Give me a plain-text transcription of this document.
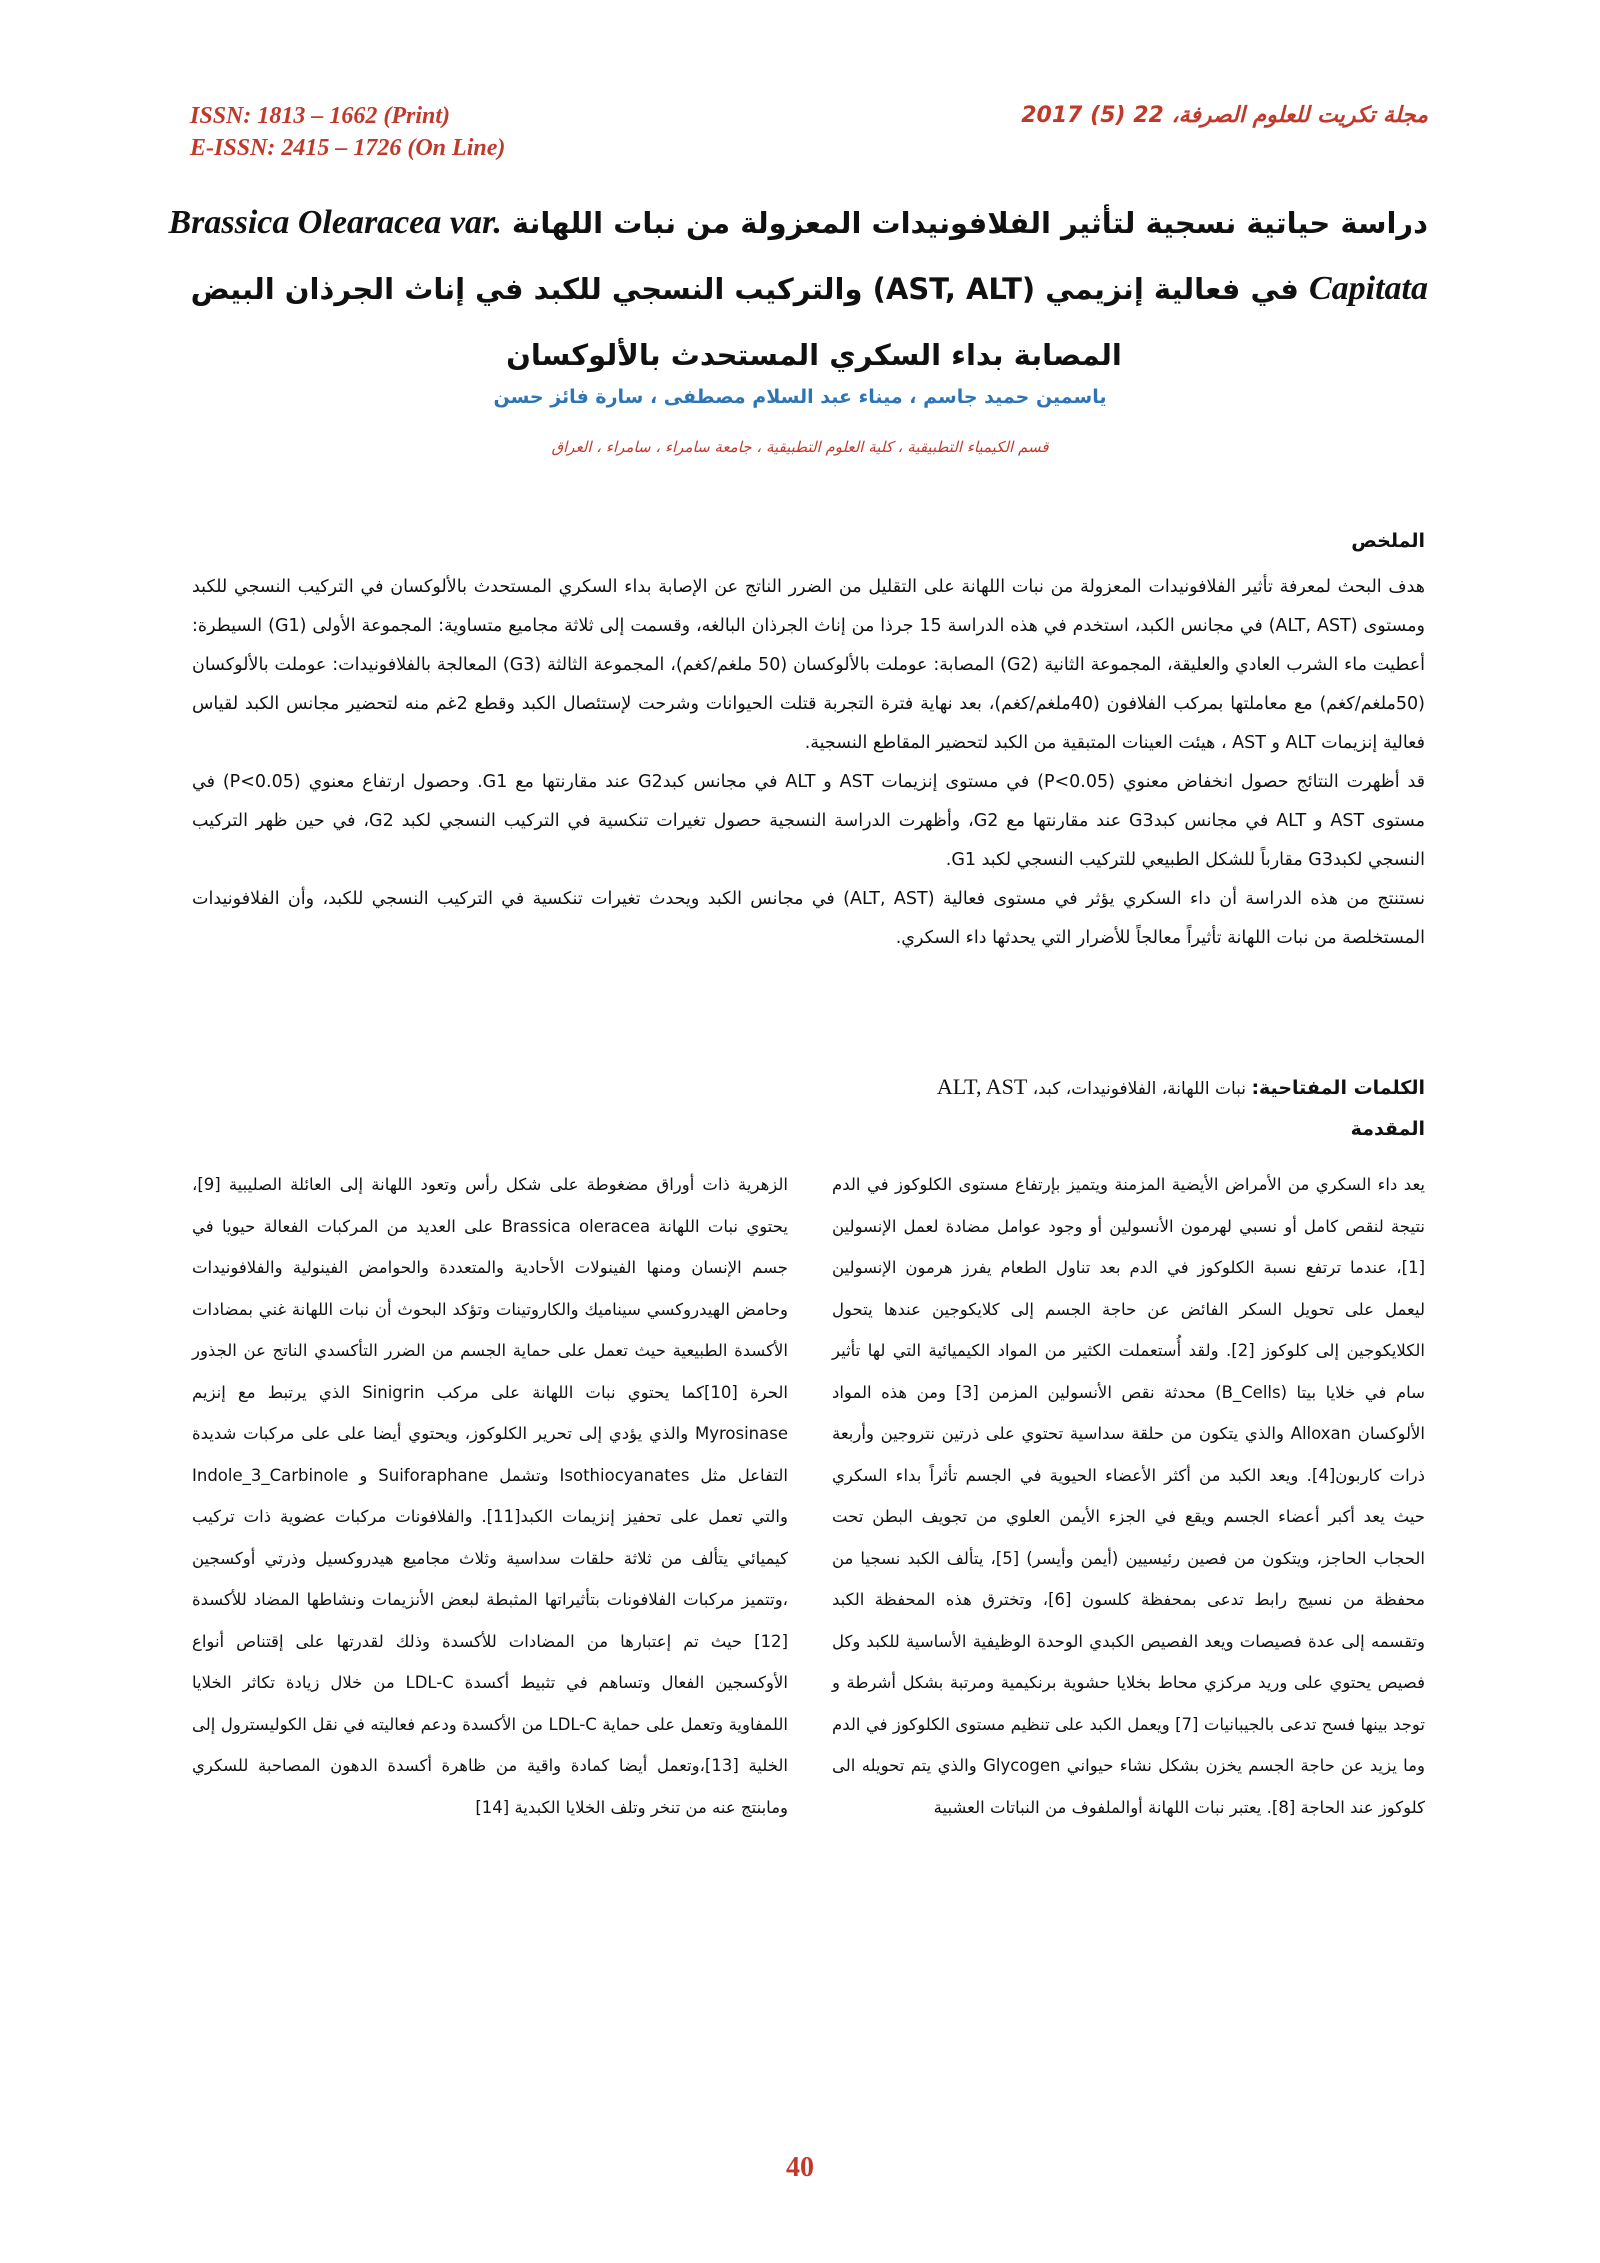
ISSN: 1813 – 1662 (Print)
E-ISSN: 2415 – 1726 (On Line)
مجلة تكريت للعلوم الصرفة، 22 (5) 2017
دراسة حياتية نسجية لتأثير الفلافونيدات المعزولة من نبات اللهانة Brassica Olearacea var.
Capitata في فعالية إنزيمي (AST, ALT) والتركيب النسجي للكبد في إناث الجرذان البيض
المصابة بداء السكري المستحدث بالألوكسان
ياسمين حميد جاسم ، ميناء عبد السلام مصطفى ، سارة فائز حسن
قسم الكيمياء التطبيقية ، كلية العلوم التطبيقية ، جامعة سامراء ، سامراء ، العراق
الملخص

هدف البحث لمعرفة تأثير الفلافونيدات المعزولة من نبات اللهانة على التقليل من الضرر الناتج عن الإصابة بداء السكري المستحدث بالألوكسان في التركيب النسجي للكبد ومستوى (ALT, AST) في مجانس الكبد، استخدم في هذه الدراسة 15 جرذا من إناث الجرذان البالغه، وقسمت إلى ثلاثة مجاميع متساوية: المجموعة الأولى (G1) السيطرة: أعطيت ماء الشرب العادي والعليقة، المجموعة الثانية (G2) المصابة: عوملت بالألوكسان (50 ملغم/كغم)، المجموعة الثالثة (G3) المعالجة بالفلافونيدات: عوملت بالألوكسان (50ملغم/كغم) مع معاملتها بمركب الفلافون (40ملغم/كغم)، بعد نهاية فترة التجربة قتلت الحيوانات وشرحت لإستئصال الكبد وقطع 2غم منه لتحضير مجانس الكبد لقياس فعالية إنزيمات ALT و AST ، هيئت العينات المتبقية من الكبد لتحضير المقاطع النسجية.

قد أظهرت النتائج حصول انخفاض معنوي (P<0.05) في مستوى إنزيمات AST و ALT في مجانس كبدG2 عند مقارنتها مع G1. وحصول ارتفاع معنوي (P<0.05) في مستوى AST و ALT في مجانس كبدG3 عند مقارنتها مع G2، وأظهرت الدراسة النسجية حصول تغيرات تنكسية في التركيب النسجي لكبد G2، في حين ظهر التركيب النسجي لكبدG3 مقارباً للشكل الطبيعي للتركيب النسجي لكبد G1.

نستنتج من هذه الدراسة أن داء السكري يؤثر في مستوى فعالية (ALT, AST) في مجانس الكبد ويحدث تغيرات تنكسية في التركيب النسجي للكبد، وأن الفلافونيدات المستخلصة من نبات اللهانة تأثيراً معالجاً للأضرار التي يحدثها داء السكري.

الكلمات المفتاحية: نبات اللهانة، الفلافونيدات، كبد، ALT, AST
المقدمة

يعد داء السكري من الأمراض الأيضية المزمنة ويتميز بإرتفاع مستوى الكلوكوز في الدم نتيجة لنقص كامل أو نسبي لهرمون الأنسولين أو وجود عوامل مضادة لعمل الإنسولين [1]، عندما ترتفع نسبة الكلوكوز في الدم بعد تناول الطعام يفرز هرمون الإنسولين ليعمل على تحويل السكر الفائض عن حاجة الجسم إلى كلايكوجين عندها يتحول الكلايكوجين إلى كلوكوز [2]. ولقد أُستعملت الكثير من المواد الكيميائية التي لها تأثير سام في خلايا بيتا (B_Cells) محدثة نقص الأنسولين المزمن [3] ومن هذه المواد الألوكسان Alloxan والذي يتكون من حلقة سداسية تحتوي على ذرتين نتروجين وأربعة ذرات كاربون[4]. ويعد الكبد من أكثر الأعضاء الحيوية في الجسم تأثراً بداء السكري حيث يعد أكبر أعضاء الجسم ويقع في الجزء الأيمن العلوي من تجويف البطن تحت الحجاب الحاجز، ويتكون من فصين رئيسيين (أيمن وأيسر) [5]، يتألف الكبد نسجيا من محفظة من نسيج رابط تدعى بمحفظة كلسون [6]، وتخترق هذه المحفظة الكبد وتقسمه إلى عدة فصيصات ويعد الفصيص الكبدي الوحدة الوظيفية الأساسية للكبد وكل فصيص يحتوي على وريد مركزي محاط بخلايا حشوية برنكيمية ومرتبة بشكل أشرطة و توجد بينها فسح تدعى بالجيبانيات [7] ويعمل الكبد على تنظيم مستوى الكلوكوز في الدم وما يزيد عن حاجة الجسم يخزن بشكل نشاء حيواني Glycogen والذي يتم تحويله الى كلوكوز عند الحاجة [8]. يعتبر نبات اللهانة أوالملفوف من النباتات العشبية

الزهرية ذات أوراق مضغوطة على شكل رأس وتعود اللهانة إلى العائلة الصليبية [9]، يحتوي نبات اللهانة Brassica oleracea على العديد من المركبات الفعالة حيويا في جسم الإنسان ومنها الفينولات الأحادية والمتعددة والحوامض الفينولية والفلافونيدات وحامض الهيدروكسي سيناميك والكاروتينات وتؤكد البحوث أن نبات اللهانة غني بمضادات الأكسدة الطبيعية حيث تعمل على حماية الجسم من الضرر التأكسدي الناتج عن الجذور الحرة [10]كما يحتوي نبات اللهانة على مركب Sinigrin الذي يرتبط مع إنزيم Myrosinase والذي يؤدي إلى تحرير الكلوكوز، ويحتوي أيضا على على مركبات شديدة التفاعل مثل Isothiocyanates وتشمل Suiforaphane و Indole_3_Carbinole والتي تعمل على تحفيز إنزيمات الكبد[11]. والفلافونات مركبات عضوية ذات تركيب كيميائي يتألف من ثلاثة حلقات سداسية وثلاث مجاميع هيدروكسيل وذرتي أوكسجين ،وتتميز مركبات الفلافونات بتأثيراتها المثبطة لبعض الأنزيمات ونشاطها المضاد للأكسدة [12] حيث تم إعتبارها من المضادات للأكسدة وذلك لقدرتها على إقتناص أنواع الأوكسجين الفعال وتساهم في تثبيط أكسدة LDL-C من خلال زيادة تكاثر الخلايا اللمفاوية وتعمل على حماية LDL-C من الأكسدة ودعم فعاليته في نقل الكوليسترول إلى الخلية [13]،وتعمل أيضا كمادة واقية من ظاهرة أكسدة الدهون المصاحبة للسكري ومابنتج عنه من تنخر وتلف الخلايا الكبدية [14]

40
